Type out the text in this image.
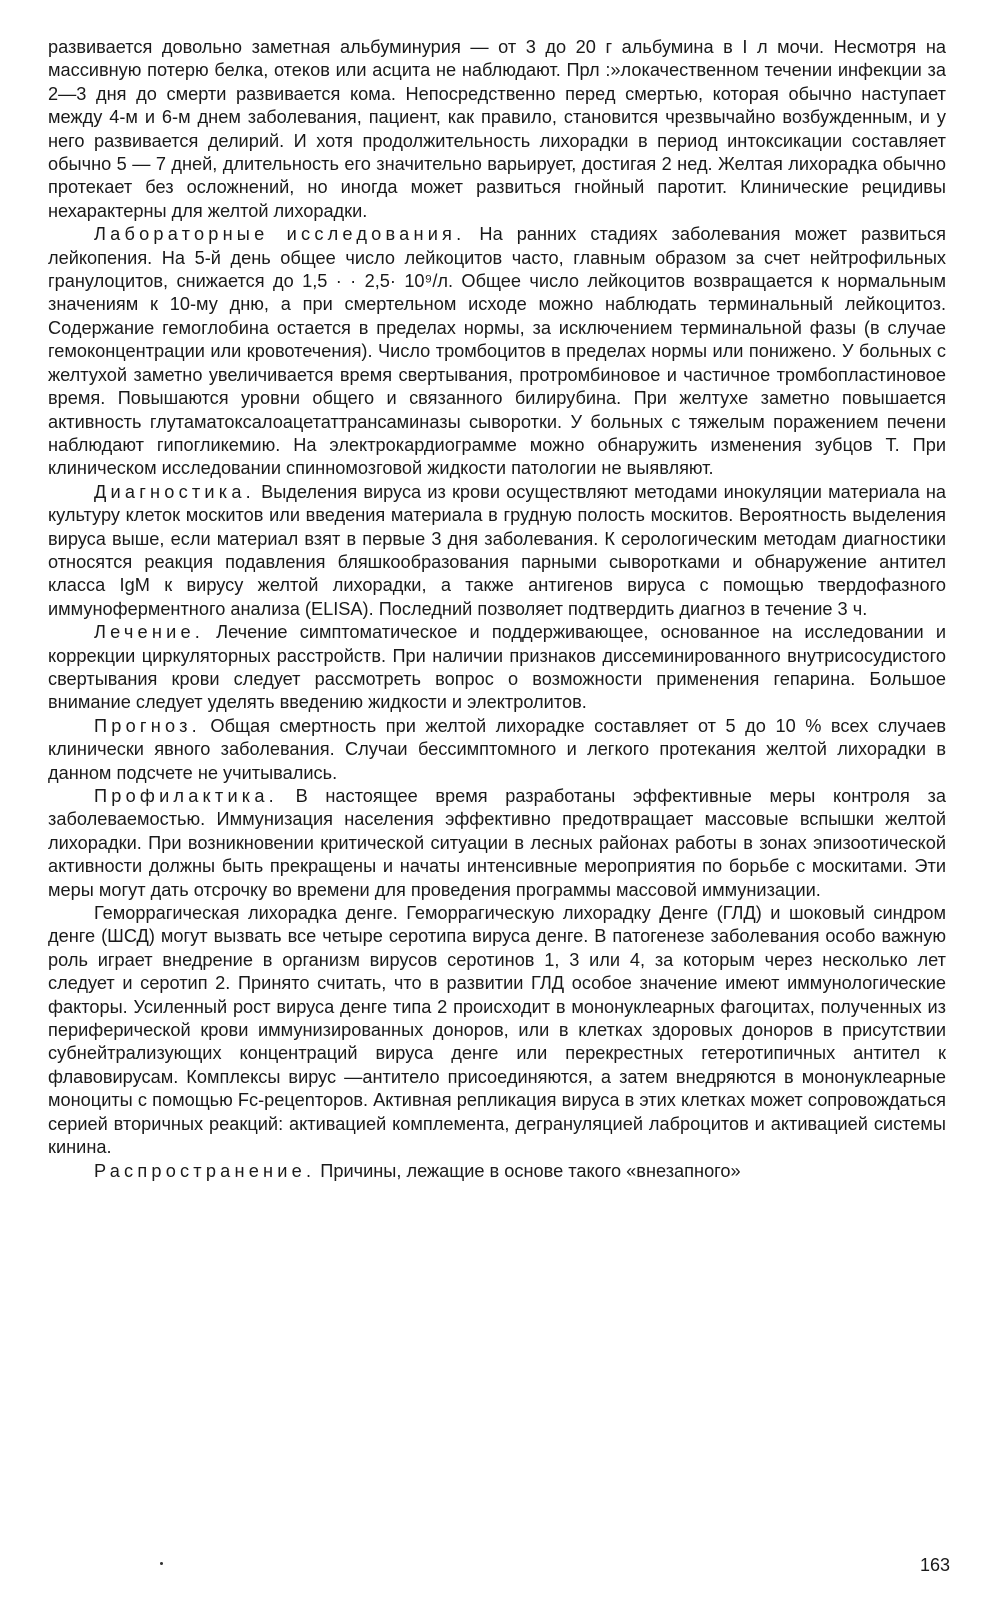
развивается довольно заметная альбуминурия — от 3 до 20 г альбумина в I л мочи. Несмотря на массивную потерю белка, отеков или асцита не наблюдают. Прл :»локачественном течении инфекции за 2—3 дня до смерти развивается кома. Непосредственно перед смертью, которая обычно наступает между 4-м и 6-м днем заболевания, пациент, как правило, становится чрезвычайно возбужденным, и у него развивается делирий. И хотя продолжительность лихорадки в период интоксикации составляет обычно 5 — 7 дней, длительность его значительно варьирует, достигая 2 нед. Желтая лихорадка обычно протекает без осложнений, но иногда может развиться гнойный паротит. Клинические рецидивы нехарактерны для желтой лихорадки.

Лабораторные исследования. На ранних стадиях заболевания может развиться лейкопения. На 5-й день общее число лейкоцитов часто, главным образом за счет нейтрофильных гранулоцитов, снижается до 1,5 · · 2,5· 10⁹/л. Общее число лейкоцитов возвращается к нормальным значениям к 10-му дню, а при смертельном исходе можно наблюдать терминальный лейкоцитоз. Содержание гемоглобина остается в пределах нормы, за исключением терминальной фазы (в случае гемоконцентрации или кровотечения). Число тромбоцитов в пределах нормы или понижено. У больных с желтухой заметно увеличивается время свертывания, протромбиновое и частичное тромбопластиновое время. Повышаются уровни общего и связанного билирубина. При желтухе заметно повышается активность глутаматоксалоацетаттрансаминазы сыворотки. У больных с тяжелым поражением печени наблюдают гипогликемию. На электрокардиограмме можно обнаружить изменения зубцов T. При клиническом исследовании спинномозговой жидкости патологии не выявляют.

Диагностика. Выделения вируса из крови осуществляют методами инокуляции материала на культуру клеток москитов или введения материала в грудную полость москитов. Вероятность выделения вируса выше, если материал взят в первые 3 дня заболевания. К серологическим методам диагностики относятся реакция подавления бляшкообразования парными сыворотками и обнаружение антител класса IgM к вирусу желтой лихорадки, а также антигенов вируса с помощью твердофазного иммуноферментного анализа (ELISA). Последний позволяет подтвердить диагноз в течение 3 ч.

Лечение. Лечение симптоматическое и поддерживающее, основанное на исследовании и коррекции циркуляторных расстройств. При наличии признаков диссеминированного внутрисосудистого свертывания крови следует рассмотреть вопрос о возможности применения гепарина. Большое внимание следует уделять введению жидкости и электролитов.

Прогноз. Общая смертность при желтой лихорадке составляет от 5 до 10 % всех случаев клинически явного заболевания. Случаи бессимптомного и легкого протекания желтой лихорадки в данном подсчете не учитывались.

Профилактика. В настоящее время разработаны эффективные меры контроля за заболеваемостью. Иммунизация населения эффективно предотвращает массовые вспышки желтой лихорадки. При возникновении критической ситуации в лесных районах работы в зонах эпизоотической активности должны быть прекращены и начаты интенсивные мероприятия по борьбе с москитами. Эти меры могут дать отсрочку во времени для проведения программы массовой иммунизации.

Геморрагическая лихорадка денге. Геморрагическую лихорадку Денге (ГЛД) и шоковый синдром денге (ШСД) могут вызвать все четыре серотипа вируса денге. В патогенезе заболевания особо важную роль играет внедрение в организм вирусов серотинов 1, 3 или 4, за которым через несколько лет следует и серотип 2. Принято считать, что в развитии ГЛД особое значение имеют иммунологические факторы. Усиленный рост вируса денге типа 2 происходит в мононуклеарных фагоцитах, полученных из периферической крови иммунизированных доноров, или в клетках здоровых доноров в присутствии субнейтрализующих концентраций вируса денге или перекрестных гетеротипичных антител к флавовирусам. Комплексы вирус —антитело присоединяются, а затем внедряются в мононуклеарные моноциты с помощью Fc-рецеnторов. Активная репликация вируса в этих клетках может сопровождаться серией вторичных реакций: активацией комплемента, дегрануляцией лаброцитов и активацией системы кинина.

Распространение. Причины, лежащие в основе такого «внезапного»

163
